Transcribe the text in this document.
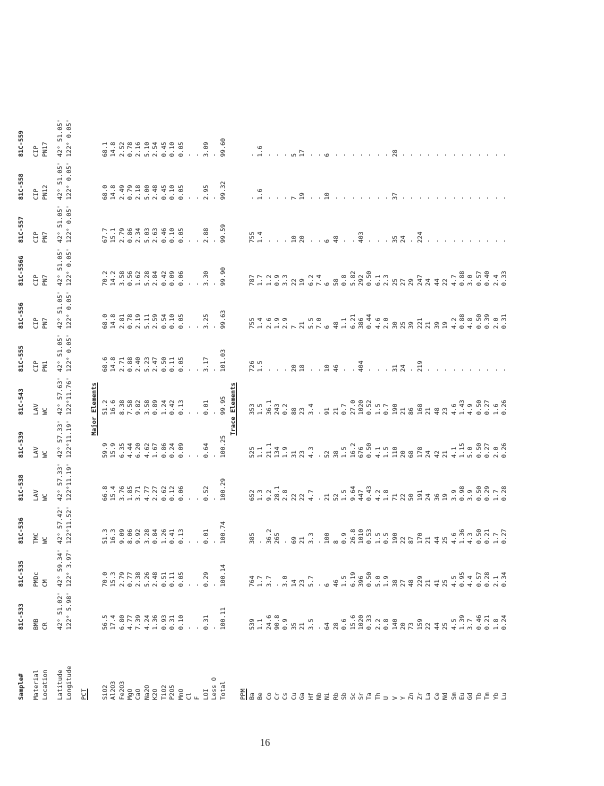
Sample#	81C-533	81C-535	81C-536	81C-538	81C-539	81C-543	81C-555	81C-556	81C-556G	81C-557	81C-558	81C-559

Material	BMB	PMDc	TMC	LAV	LAV	LAV	CIP	CIP	CIP	CIP	CIP	CIP
Location	CR	CM	WC	WC	WC	WC	PN1	PN7	PN7	PN7	PN12	PN17

Latitude	42° 51.02'	42° 59.34'	42° 57.42'	42° 57.33'	42° 57.33'	42° 57.63'	42° 51.05'	42° 51.05'	42° 51.05'	42° 51.05'	42° 51.05'	42° 51.05'
Longitude	122° 5.98'	122° 3.97'	122°11.52'	122°11.19'	122°11.19'	122°11.76'	122° 0.05'	122° 0.05'	122° 0.05'	122° 0.05'	122° 0.05'	122° 0.05'

PCT												
Major Elements												
SiO2	56.5	70.0	51.3	66.8	59.9	51.2	68.6	68.0	70.2	67.7	68.0	68.1
Al2O3	17.4	15.3	16.3	15.4	15.9	16.6	14.8	14.8	14.2	15.1	14.8	14.8
Fe2O3	6.80	2.79	9.09	3.76	6.35	8.38	2.71	2.81	3.58	2.79	2.49	2.52
MgO	4.77	0.77	8.06	1.85	4.44	7.58	0.88	0.78	0.56	0.86	0.79	0.78
CaO	7.39	2.38	9.92	3.71	6.20	9.82	2.40	2.19	1.62	2.34	2.18	2.16
Na2O	4.24	5.26	3.28	4.77	4.62	3.58	5.23	5.11	5.28	5.03	5.00	5.10
K2O	1.36	2.48	0.84	2.27	1.67	0.89	2.47	2.59	2.84	2.63	2.48	2.54
TiO2	0.93	0.51	1.26	0.62	0.86	1.24	0.50	0.54	0.42	0.46	0.45	0.45
P2O5	0.31	0.11	0.41	0.12	0.24	0.42	0.11	0.10	0.09	0.10	0.10	0.10
MnO	0.10	0.05	0.13	0.06	0.09	0.13	0.05	0.05	0.06	0.05	0.05	0.05
Cl	-	-	-	-	-	-	-	-	-	-	-	-
F	-	-	-	-	-	-	-	-	-	-	-	-
LOI	0.31	0.29	0.01	0.52	0.64	0.01	3.17	3.25	3.30	2.88	2.95	3.09
Less O	-	-	-	-	-	-	-	-	-	-	-	-
Total	100.11	100.14	100.74	100.29	100.25	99.95	101.03	99.63	99.90	99.59	99.32	99.60
Trace Elements												
PPM												
Ba	539	764	385	652	525	353	726	755	787	755	-	-
Be	1.1	1.7	-	1.3	1.1	1.5	1.5	1.4	1.7	1.4	1.6	1.6
Co	24.6	3.7	36.2	9.2	21.1	36.1	-	2.6	1.2	-	-	-
Cr	90.8	-	265	28.1	134	243	-	1.9	0.9	-	-	-
Cs	0.9	3.0	-	2.8	1.9	0.2	-	2.9	3.3	-	-	-
Cu	35	14	69	22	31	88	20	7	22	10	7	5
Ga	21	23	21	22	23	23	18	21	19	20	19	17
Hf	3.5	5.7	3.3	4.7	4.3	3.4	-	5.5	6.2	-	-	-
Nb	-	-	-	-	-	-	-	7.0	7.4	-	-	-
Ni	64	6	100	21	52	91	10	6	6	6	10	6
Rb	28	46	8	52	38	21	46	48	58	48	-	-
Sb	0.6	1.5	0.9	1.5	1.5	0.7	-	1.1	0.8	-	-	-
Sc	15.6	6.19	26.8	9.64	16.2	27.0	-	6.21	5.82	-	-	-
Sr	1020	396	1010	447	676	1020	404	386	292	403	-	-
Ta	0.33	0.50	0.53	0.43	0.50	0.52	-	0.44	0.50	-	-	-
Th	2.2	5.0	1.5	4.2	4.1	1.5	-	4.6	6.1	-	-	-
U	0.8	1.9	0.5	1.8	1.5	0.7	-	2.0	2.3	-	-	-
V	140	38	190	71	110	190	31	30	25	35	37	28
Y	20	27	22	22	20	21	24	25	27	24	-	-
Zn	73	48	87	50	68	86	-	39	29	-	-	-
Zr	159	229	170	191	178	168	219	221	247	224	-	-
La	22	21	21	24	24	21	-	21	24	-	-	-
Ce	44	41	44	36	42	48	-	39	44	-	-	-
Nd	25	25	25	19	21	23	-	19	22	-	-	-
Sm	4.5	4.5	4.6	3.9	4.1	4.6	-	4.2	4.7	-	-	-
Eu	1.39	0.95	1.36	0.98	1.15	1.43	-	0.88	0.88	-	-	-
Gd	3.7	4.4	4.3	3.9	5.0	4.9	-	4.8	3.0	-	-	-
Tb	0.46	0.57	0.50	0.50	0.50	0.50	-	0.50	0.57	-	-	-
Tm	0.21	0.28	0.21	0.29	0.27	0.27	-	0.39	0.40	-	-	-
Yb	1.8	2.1	1.7	1.7	2.0	1.6	-	2.0	2.4	-	-	-
Lu	0.24	0.34	0.27	0.28	0.26	0.26	-	0.31	0.33	-	-	-
16
